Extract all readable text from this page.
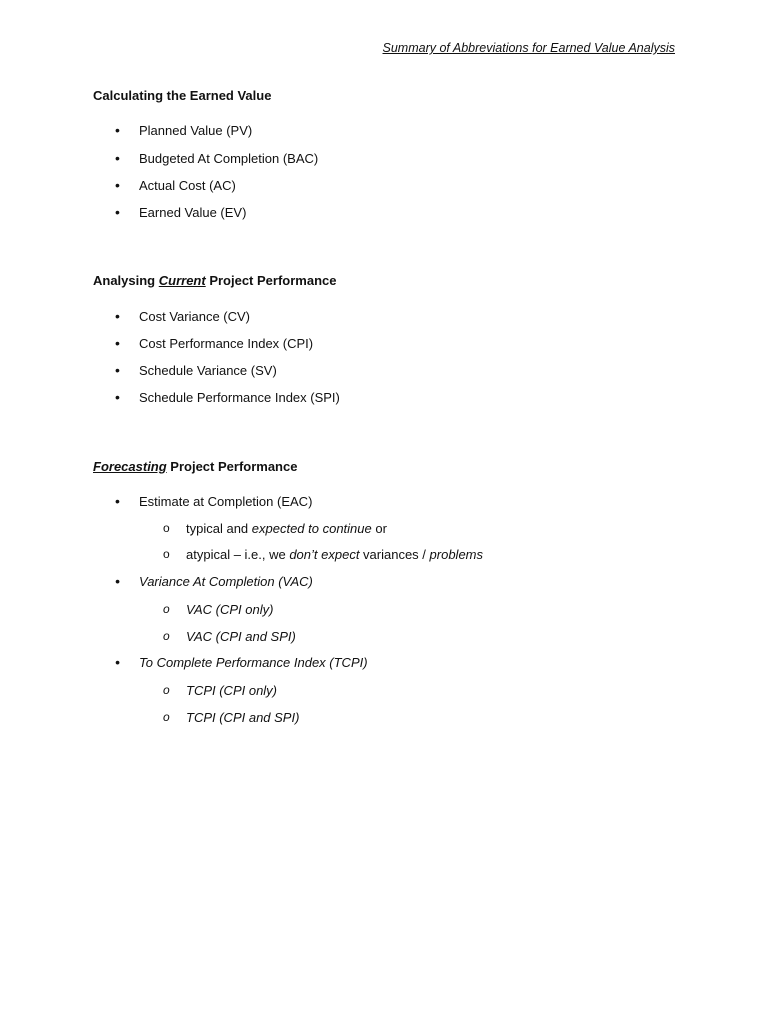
Summary of Abbreviations for Earned Value Analysis
Calculating the Earned Value
• Planned Value (PV)
• Budgeted At Completion (BAC)
• Actual Cost (AC)
• Earned Value (EV)
Analysing Current Project Performance
• Cost Variance (CV)
• Cost Performance Index (CPI)
• Schedule Variance (SV)
• Schedule Performance Index (SPI)
Forecasting Project Performance
• Estimate at Completion (EAC)
o typical and expected to continue or
o atypical – i.e., we don’t expect variances / problems
• Variance At Completion (VAC)
o VAC (CPI only)
o VAC (CPI and SPI)
• To Complete Performance Index (TCPI)
o TCPI (CPI only)
o TCPI (CPI and SPI)
